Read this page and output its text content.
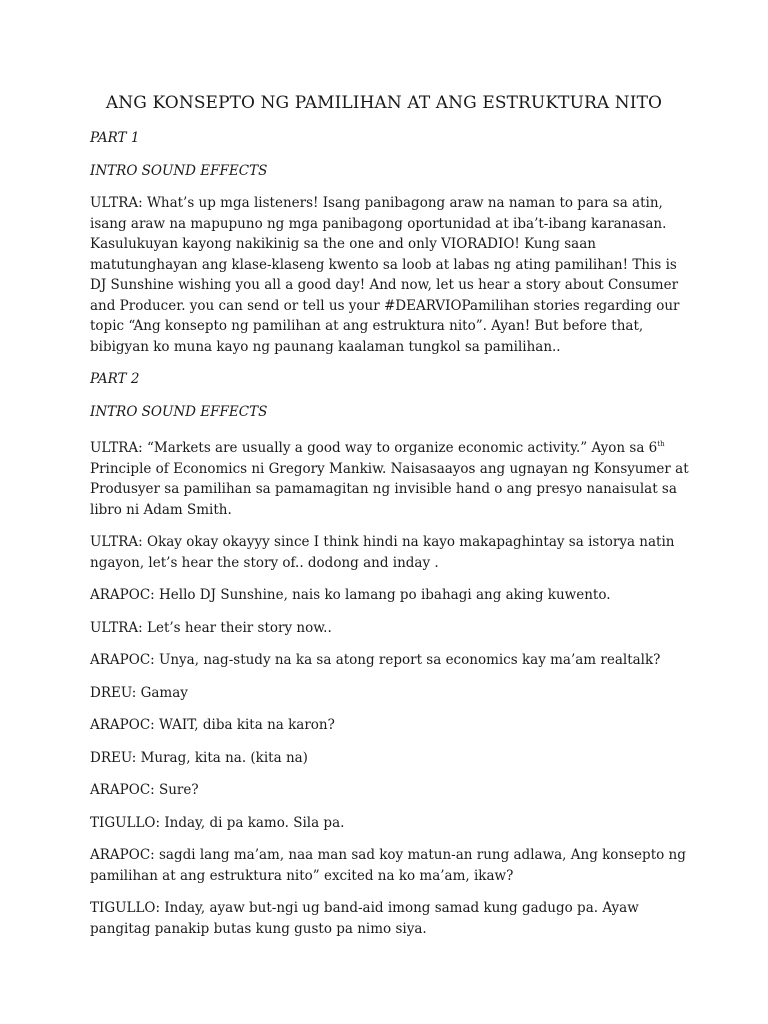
ANG KONSEPTO NG PAMILIHAN AT ANG ESTRUKTURA NITO

PART 1

INTRO SOUND EFFECTS

ULTRA: What’s up mga listeners! Isang panibagong araw na naman to para sa atin, isang araw na mapupuno ng mga panibagong oportunidad at iba’t-ibang karanasan. Kasulukuyan kayong nakikinig sa the one and only VIORADIO! Kung saan matutunghayan ang klase-klaseng kwento sa loob at labas ng ating pamilihan! This is DJ Sunshine wishing you all a good day! And now, let us hear a story about Consumer and Producer. you can send or tell us your #DEARVIOPamilihan stories regarding our topic “Ang konsepto ng pamilihan at ang estruktura nito”. Ayan! But before that, bibigyan ko muna kayo ng paunang kaalaman tungkol sa pamilihan..

PART 2

INTRO SOUND EFFECTS

ULTRA: “Markets are usually a good way to organize economic activity.” Ayon sa 6th Principle of Economics ni Gregory Mankiw. Naisasaayos ang ugnayan ng Konsyumer at Produsyer sa pamilihan sa pamamagitan ng invisible hand o ang presyo nanaisulat sa libro ni Adam Smith.

ULTRA: Okay okay okayyy since I think hindi na kayo makapaghintay sa istorya natin ngayon, let’s hear the story of.. dodong and inday .

ARAPOC: Hello DJ Sunshine, nais ko lamang po ibahagi ang aking kuwento.

ULTRA: Let’s hear their story now..

ARAPOC: Unya, nag-study na ka sa atong report sa economics kay ma’am realtalk?

DREU: Gamay

ARAPOC: WAIT, diba kita na karon?

DREU: Murag, kita na. (kita na)

ARAPOC: Sure?

TIGULLO: Inday, di pa kamo. Sila pa.

ARAPOC: sagdi lang ma’am, naa man sad koy matun-an rung adlawa, Ang konsepto ng pamilihan at ang estruktura nito” excited na ko ma’am, ikaw?

TIGULLO: Inday, ayaw but-ngi ug band-aid imong samad kung gadugo pa. Ayaw pangitag panakip butas kung gusto pa nimo siya.
